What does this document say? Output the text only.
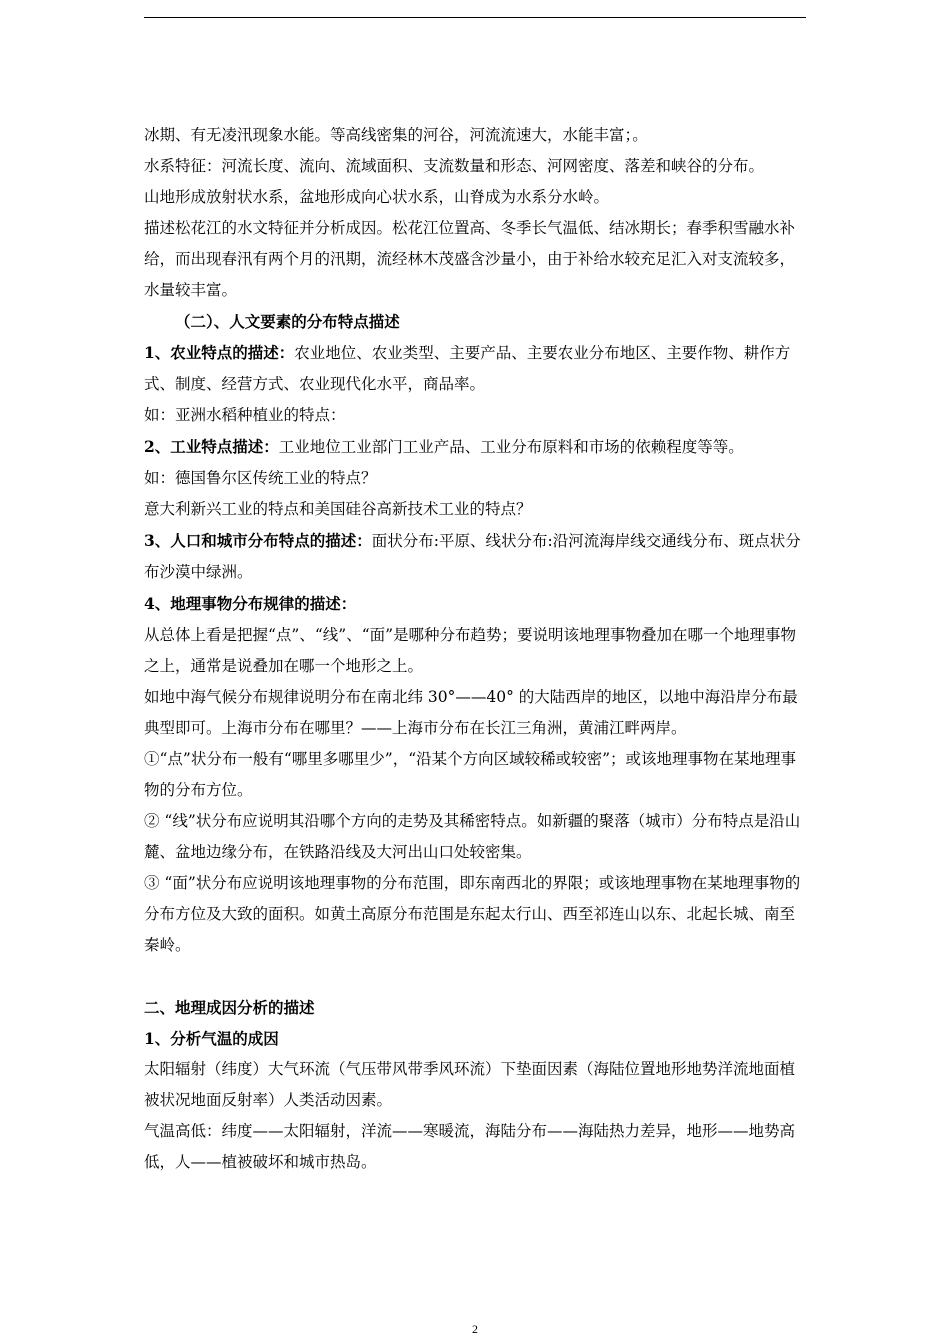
冰期、有无凌汛现象水能。等高线密集的河谷，河流流速大，水能丰富；。

水系特征：河流长度、流向、流域面积、支流数量和形态、河网密度、落差和峡谷的分布。

山地形成放射状水系，盆地形成向心状水系，山脊成为水系分水岭。

描述松花江的水文特征并分析成因。松花江位置高、冬季长气温低、结冰期长；春季积雪融水补给，而出现春汛有两个月的汛期，流经林木茂盛含沙量小，由于补给水较充足汇入对支流较多，水量较丰富。

（二）、人文要素的分布特点描述

1、农业特点的描述：农业地位、农业类型、主要产品、主要农业分布地区、主要作物、耕作方式、制度、经营方式、农业现代化水平，商品率。

如：亚洲水稻种植业的特点：

2、工业特点描述：工业地位工业部门工业产品、工业分布原料和市场的依赖程度等等。

如：德国鲁尔区传统工业的特点？

意大利新兴工业的特点和美国硅谷高新技术工业的特点？

3、人口和城市分布特点的描述：面状分布:平原、线状分布:沿河流海岸线交通线分布、斑点状分布沙漠中绿洲。

4、地理事物分布规律的描述：

从总体上看是把握“点”、“线”、“面”是哪种分布趋势；要说明该地理事物叠加在哪一个地理事物之上，通常是说叠加在哪一个地形之上。

如地中海气候分布规律说明分布在南北纬 30°——40° 的大陆西岸的地区，以地中海沿岸分布最典型即可。上海市分布在哪里？——上海市分布在长江三角洲，黄浦江畔两岸。

①“点”状分布一般有“哪里多哪里少”，“沿某个方向区域较稀或较密”；或该地理事物在某地理事物的分布方位。

② “线”状分布应说明其沿哪个方向的走势及其稀密特点。如新疆的聚落（城市）分布特点是沿山麓、盆地边缘分布，在铁路沿线及大河出山口处较密集。

③ “面”状分布应说明该地理事物的分布范围，即东南西北的界限；或该地理事物在某地理事物的分布方位及大致的面积。如黄土高原分布范围是东起太行山、西至祁连山以东、北起长城、南至秦岭。

二、地理成因分析的描述

1、分析气温的成因

太阳辐射（纬度）大气环流（气压带风带季风环流）下垫面因素（海陆位置地形地势洋流地面植被状况地面反射率）人类活动因素。

气温高低：纬度——太阳辐射，洋流——寒暖流，海陆分布——海陆热力差异，地形——地势高低，人——植被破坏和城市热岛。

2
